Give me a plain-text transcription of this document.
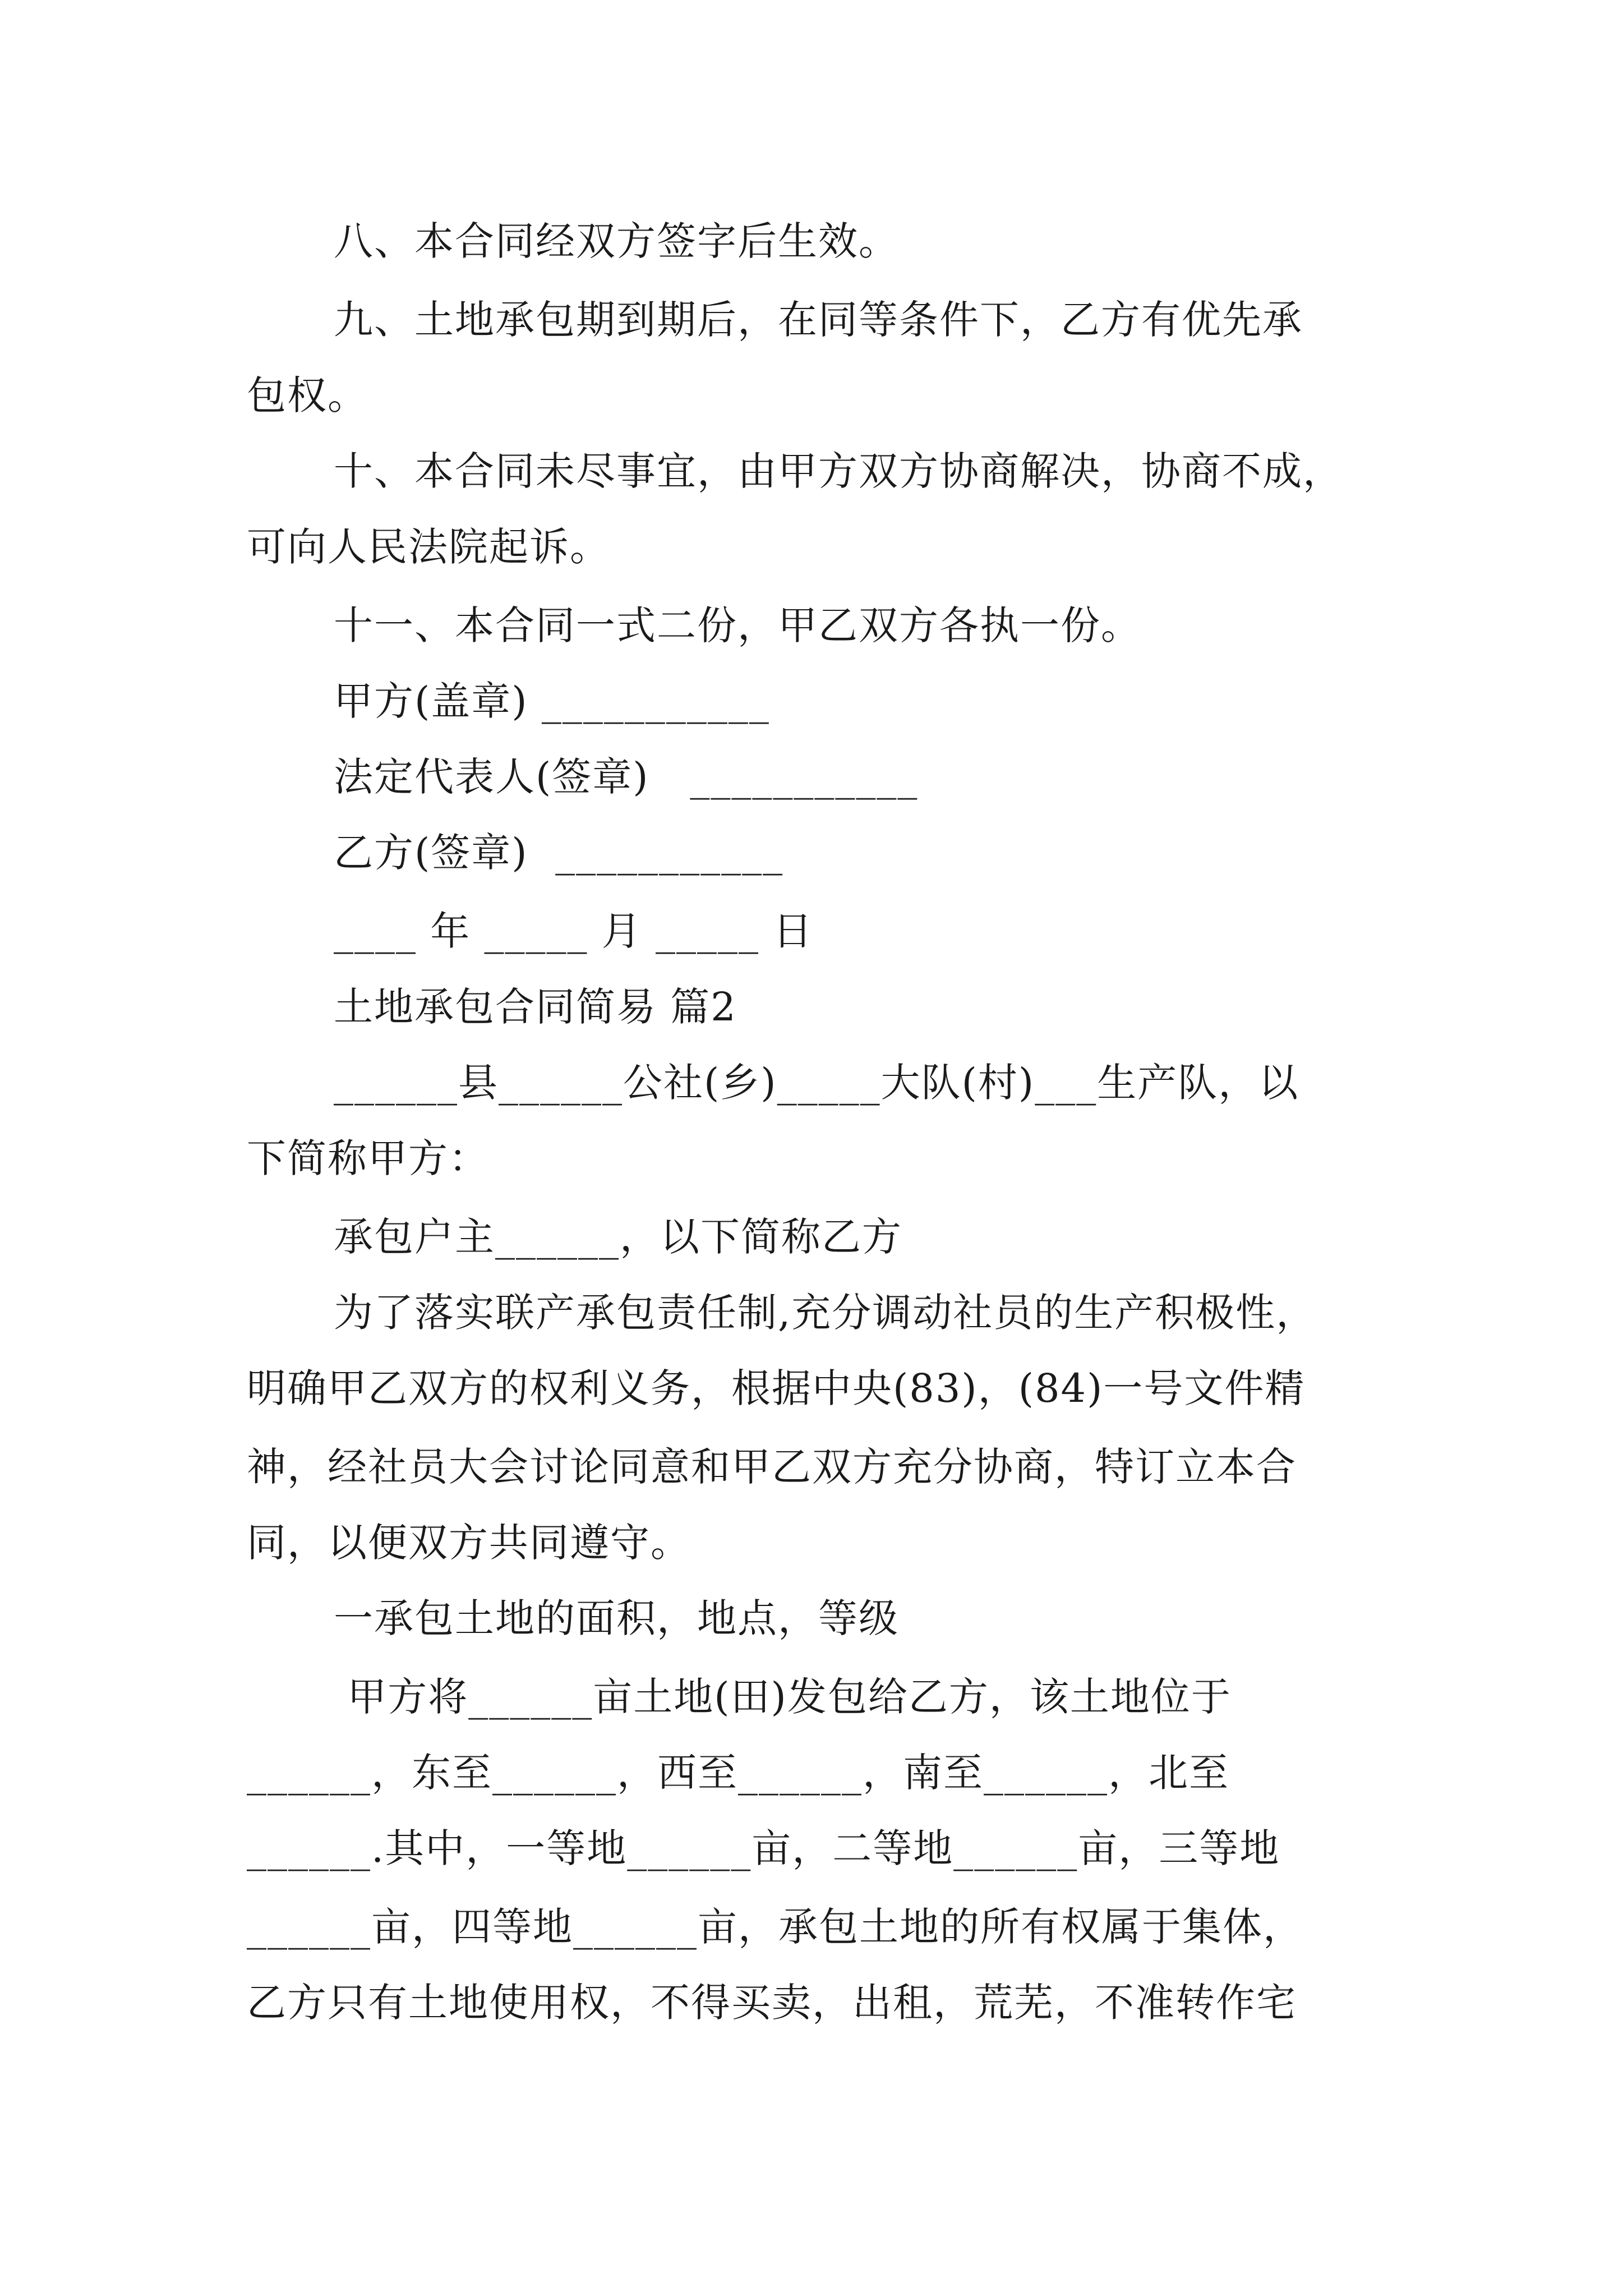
八、本合同经双方签字后生效。
九、土地承包期到期后，在同等条件下，乙方有优先承
包权。
十、本合同未尽事宜，由甲方双方协商解决，协商不成，
可向人民法院起诉。
十一、本合同一式二份，甲乙双方各执一份。
甲方(盖章) ___________
法定代表人(签章)   ___________
乙方(签章)  ___________
____ 年 _____ 月 _____ 日
土地承包合同简易 篇2
______县______公社(乡)_____大队(村)___生产队，以
下简称甲方：
承包户主______，以下简称乙方
为了落实联产承包责任制,充分调动社员的生产积极性，
明确甲乙双方的权利义务，根据中央(83)，(84)一号文件精
神，经社员大会讨论同意和甲乙双方充分协商，特订立本合
同，以便双方共同遵守。
一承包土地的面积，地点，等级
甲方将______亩土地(田)发包给乙方，该土地位于
______，东至______，西至______，南至______，北至
______.其中，一等地______亩，二等地______亩，三等地
______亩，四等地______亩，承包土地的所有权属于集体，
乙方只有土地使用权，不得买卖，出租，荒芜，不准转作宅
